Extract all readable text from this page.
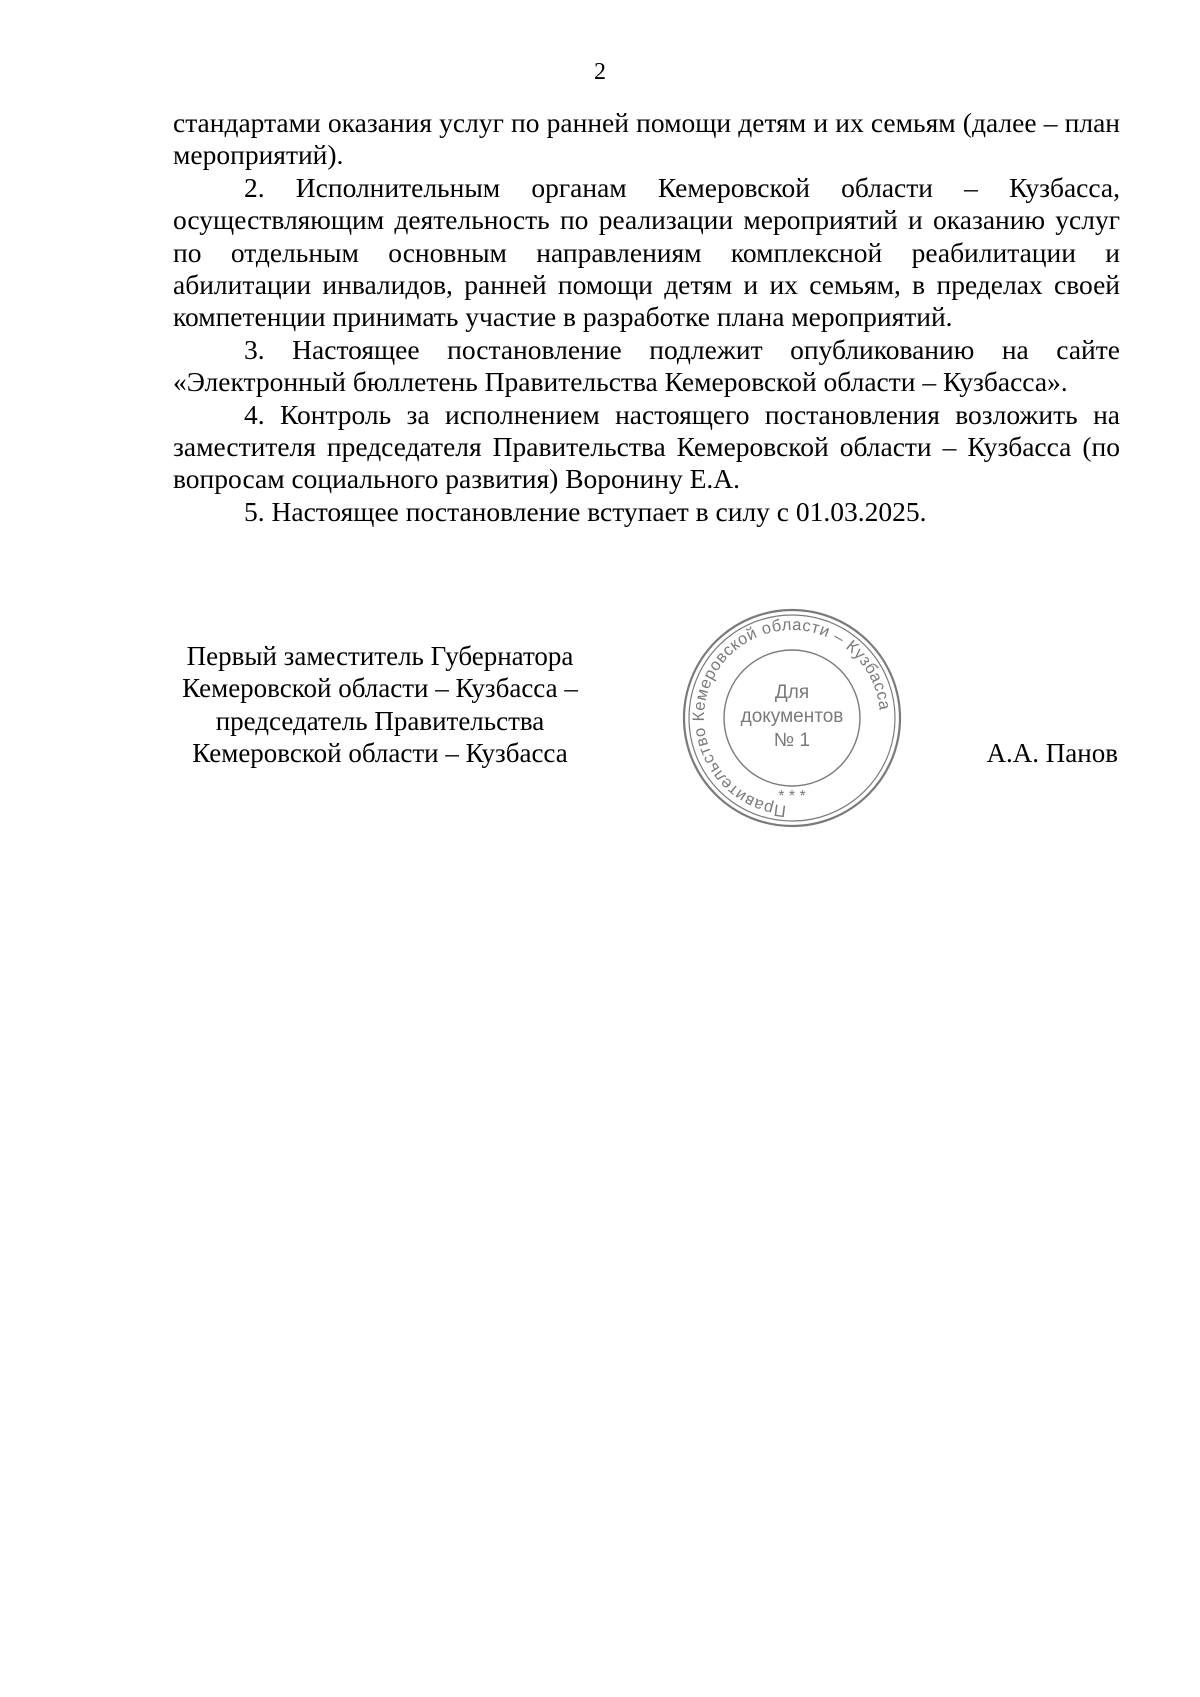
2

стандартами оказания услуг по ранней помощи детям и их семьям (далее – план мероприятий).

2. Исполнительным органам Кемеровской области – Кузбасса, осуществляющим деятельность по реализации мероприятий и оказанию услуг по отдельным основным направлениям комплексной реабилитации и абилитации инвалидов, ранней помощи детям и их семьям, в пределах своей компетенции принимать участие в разработке плана мероприятий.

3. Настоящее постановление подлежит опубликованию на сайте «Электронный бюллетень Правительства Кемеровской области – Кузбасса».

4. Контроль за исполнением настоящего постановления возложить на заместителя председателя Правительства Кемеровской области – Кузбасса (по вопросам социального развития) Воронину Е.А.

5. Настоящее постановление вступает в силу с 01.03.2025.

Первый заместитель Губернатора
Кемеровской области – Кузбасса –
председатель Правительства
Кемеровской области – Кузбасса
Правительство Кемеровской области – Кузбасса
* * *
Для
документов
№ 1	А.А. Панов
